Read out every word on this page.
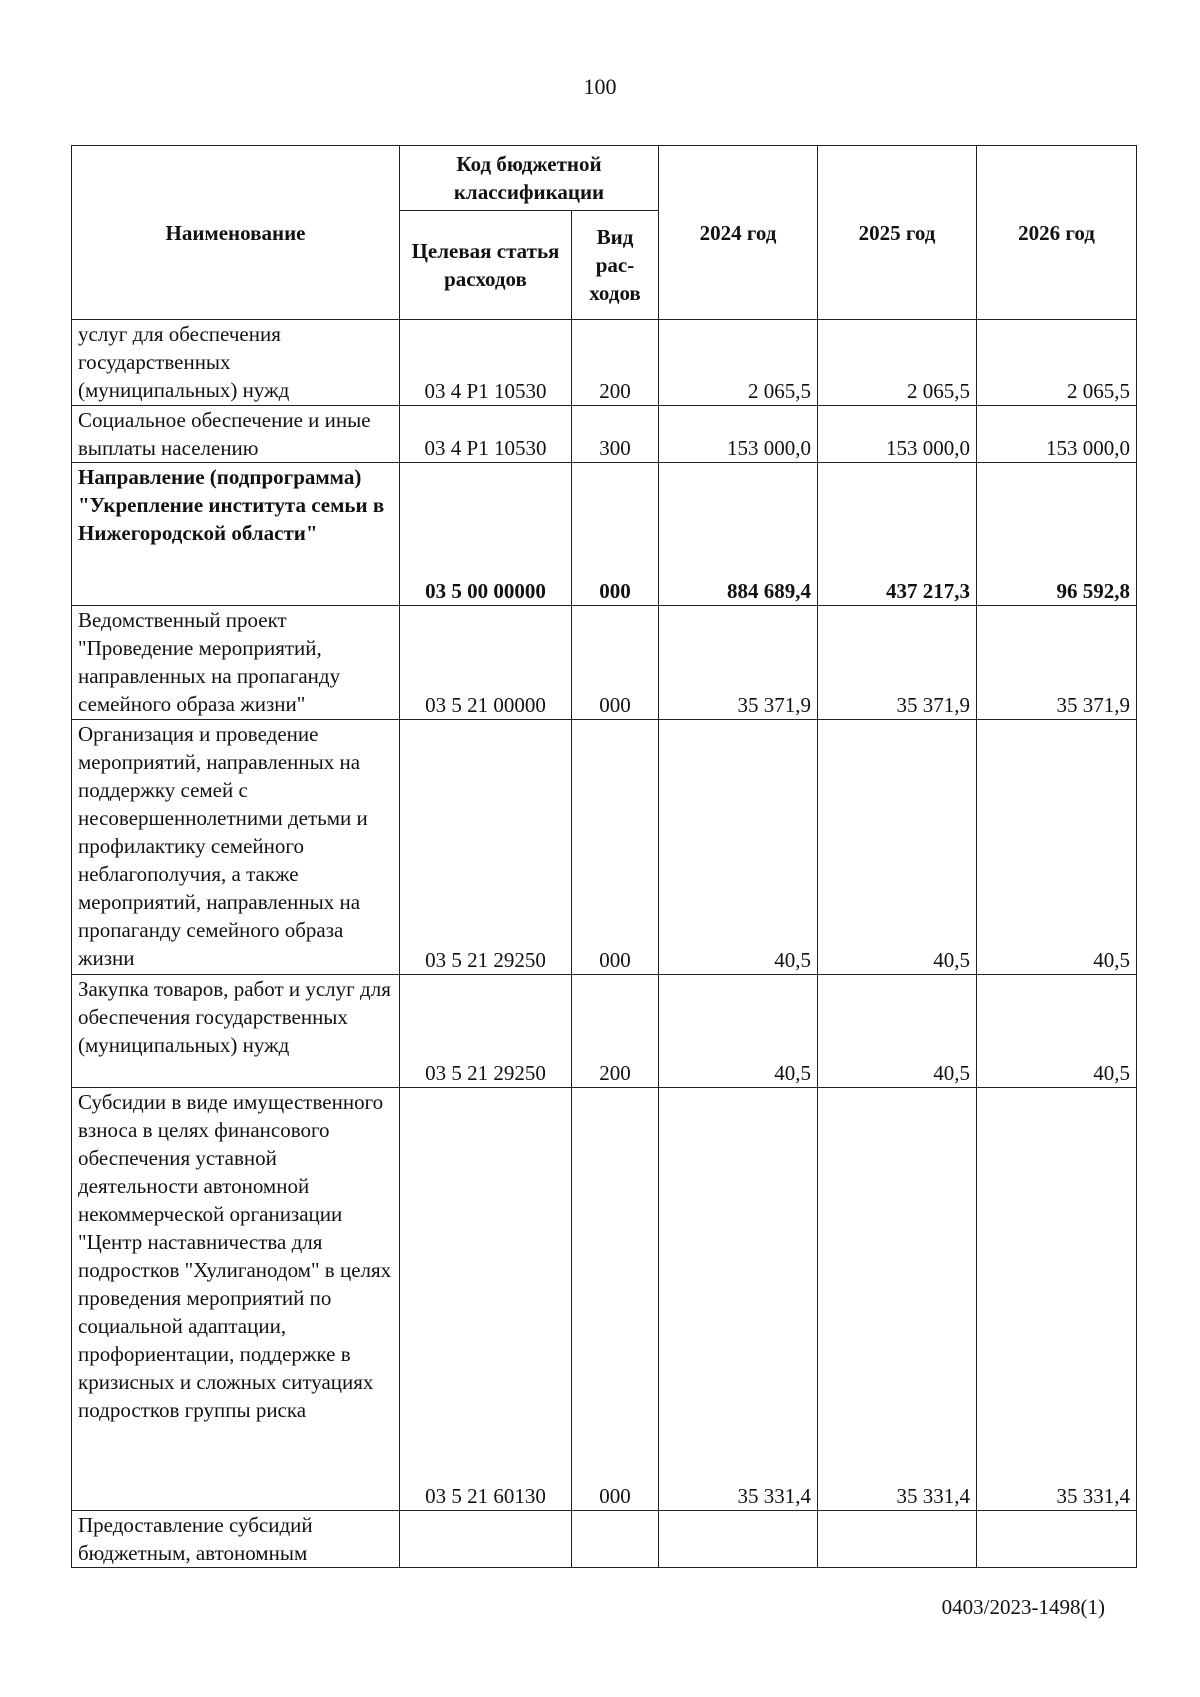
100
Наименование	Код бюджетной классификации		2024 год	2025 год	2026 год
	Целевая статья расходов	Вид рас-ходов			
услуг для обеспечения государственных (муниципальных) нужд	03 4 Р1 10530	200	2 065,5	2 065,5	2 065,5
Социальное обеспечение и иные выплаты населению	03 4 Р1 10530	300	153 000,0	153 000,0	153 000,0
Направление (подпрограмма) "Укрепление института семьи в Нижегородской области"	03 5 00 00000	000	884 689,4	437 217,3	96 592,8
Ведомственный проект "Проведение мероприятий, направленных на пропаганду семейного образа жизни"	03 5 21 00000	000	35 371,9	35 371,9	35 371,9
Организация и проведение мероприятий, направленных на поддержку семей с несовершеннолетними детьми и профилактику семейного неблагополучия, а также мероприятий, направленных на пропаганду семейного образа жизни	03 5 21 29250	000	40,5	40,5	40,5
Закупка товаров, работ и услуг для обеспечения государственных (муниципальных) нужд	03 5 21 29250	200	40,5	40,5	40,5
Субсидии в виде имущественного взноса в целях финансового обеспечения уставной деятельности автономной некоммерческой организации "Центр наставничества для подростков "Хулиганодом" в целях проведения мероприятий по социальной адаптации, профориентации, поддержке в кризисных и сложных ситуациях подростков группы риска	03 5 21 60130	000	35 331,4	35 331,4	35 331,4
Предоставление субсидий бюджетным, автономным					
0403/2023-1498(1)
